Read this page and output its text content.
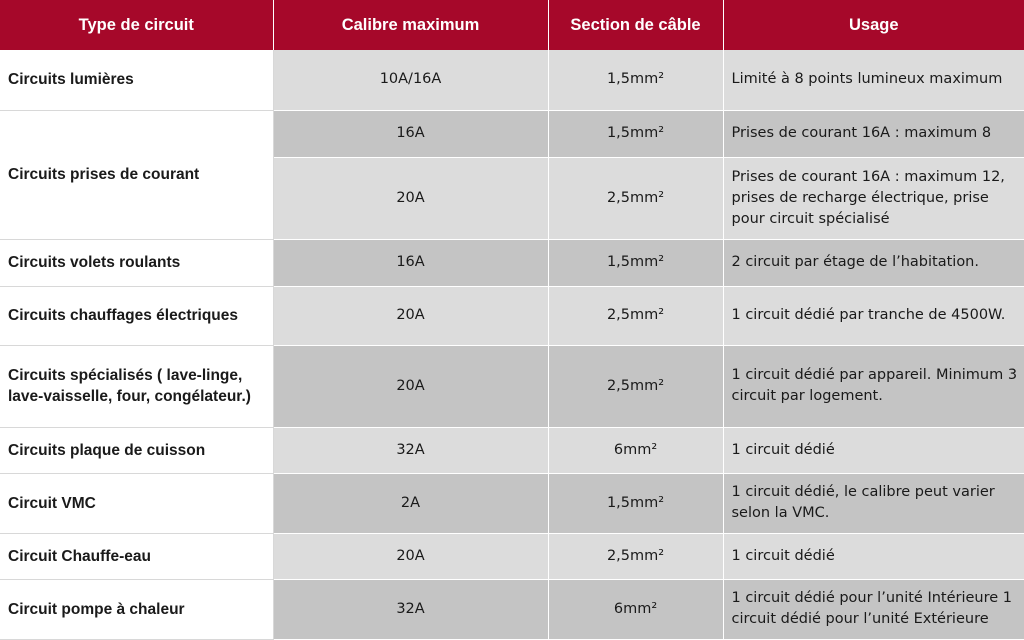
Type de circuit	Calibre maximum	Section de câble	Usage
Circuits lumières	10A/16A	1,5mm²	Limité à 8 points lumineux maximum
Circuits prises de courant	16A	1,5mm²	Prises de courant 16A : maximum 8
	20A	2,5mm²	Prises de courant 16A : maximum 12, prises de recharge électrique, prise pour circuit spécialisé
Circuits volets roulants	16A	1,5mm²	2 circuit par étage de l’habitation.
Circuits chauffages électriques	20A	2,5mm²	1 circuit dédié par tranche de 4500W.
Circuits spécialisés ( lave-linge, lave-vaisselle, four, congélateur.)	20A	2,5mm²	1 circuit dédié par appareil. Minimum 3 circuit par logement.
Circuits plaque de cuisson	32A	6mm²	1 circuit dédié
Circuit VMC	2A	1,5mm²	1 circuit dédié, le calibre peut varier selon la VMC.
Circuit Chauffe-eau	20A	2,5mm²	1 circuit dédié
Circuit pompe à chaleur	32A	6mm²	1 circuit dédié pour l’unité Intérieure 1 circuit dédié pour l’unité Extérieure
